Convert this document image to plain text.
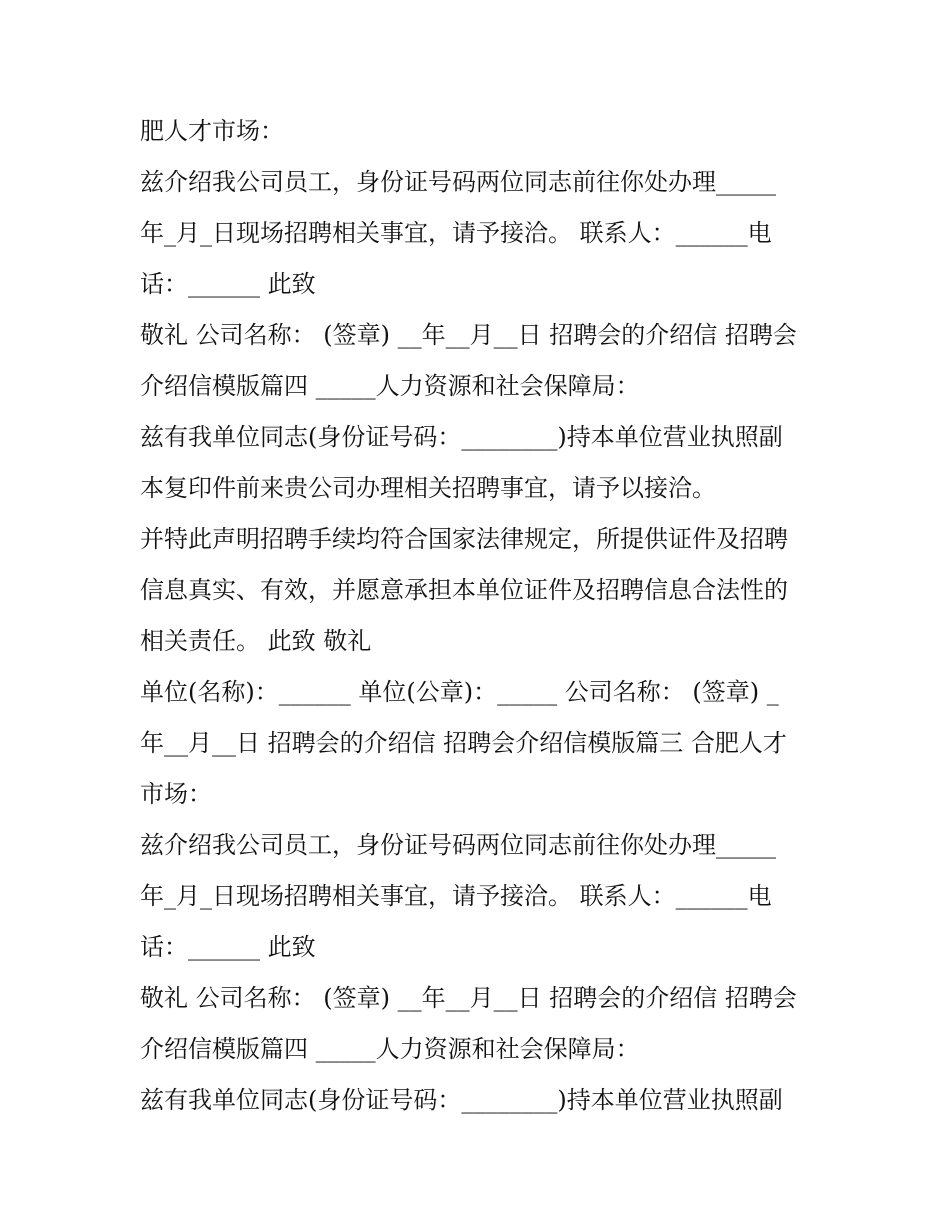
肥人才市场：
兹介绍我公司员工，身份证号码两位同志前往你处办理_____
年_月_日现场招聘相关事宜，请予接洽。 联系人：______电
话：______ 此致
敬礼 公司名称： (签章) __年__月__日 招聘会的介绍信 招聘会
介绍信模版篇四 _____人力资源和社会保障局：
兹有我单位同志(身份证号码：________)持本单位营业执照副
本复印件前来贵公司办理相关招聘事宜，请予以接洽。
并特此声明招聘手续均符合国家法律规定，所提供证件及招聘
信息真实、有效，并愿意承担本单位证件及招聘信息合法性的
相关责任。 此致 敬礼
单位(名称)：______ 单位(公章)：_____ 公司名称： (签章) _
年__月__日 招聘会的介绍信 招聘会介绍信模版篇三 合肥人才
市场：
兹介绍我公司员工，身份证号码两位同志前往你处办理_____
年_月_日现场招聘相关事宜，请予接洽。 联系人：______电
话：______ 此致
敬礼 公司名称： (签章) __年__月__日 招聘会的介绍信 招聘会
介绍信模版篇四 _____人力资源和社会保障局：
兹有我单位同志(身份证号码：________)持本单位营业执照副
